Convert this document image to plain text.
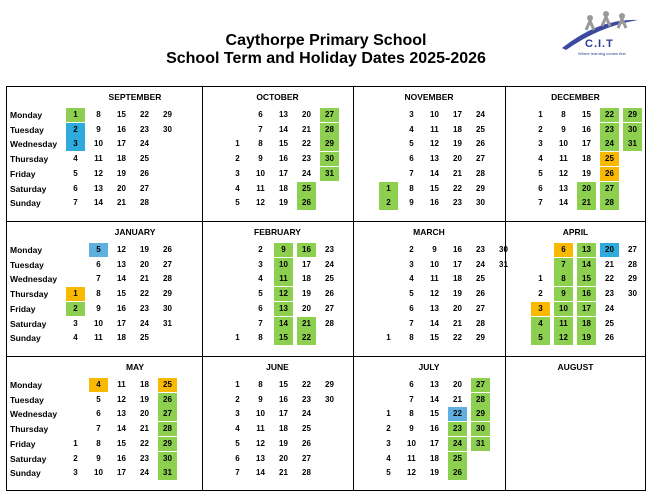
Caythorpe Primary School
School Term and Holiday Dates 2025-2026
C.I.T
Where learning comes first
SEPTEMBER
Monday
Tuesday
Wednesday
Thursday
Friday
Saturday
Sunday
1
2
3
4
5
6
7
8
9
10
11
12
13
14
15
16
17
18
19
20
21
22
23
24
25
26
27
28
29
30
OCTOBER
1
2
3
4
5
6
7
8
9
10
11
12
13
14
15
16
17
18
19
20
21
22
23
24
25
26
27
28
29
30
31
NOVEMBER
1
2
3
4
5
6
7
8
9
10
11
12
13
14
15
16
17
18
19
20
21
22
23
24
25
26
27
28
29
30
DECEMBER
1
2
3
4
5
6
7
8
9
10
11
12
13
14
15
16
17
18
19
20
21
22
23
24
25
26
27
28
29
30
31
JANUARY
Monday
Tuesday
Wednesday
Thursday
Friday
Saturday
Sunday
1
2
3
4
5
6
7
8
9
10
11
12
13
14
15
16
17
18
19
20
21
22
23
24
25
26
27
28
29
30
31
FEBRUARY
1
2
3
4
5
6
7
8
9
10
11
12
13
14
15
16
17
18
19
20
21
22
23
24
25
26
27
28
MARCH
1
2
3
4
5
6
7
8
9
10
11
12
13
14
15
16
17
18
19
20
21
22
23
24
25
26
27
28
29
30
31
APRIL
1
2
3
4
5
6
7
8
9
10
11
12
13
14
15
16
17
18
19
20
21
22
23
24
25
26
27
28
29
30
MAY
Monday
Tuesday
Wednesday
Thursday
Friday
Saturday
Sunday
1
2
3
4
5
6
7
8
9
10
11
12
13
14
15
16
17
18
19
20
21
22
23
24
25
26
27
28
29
30
31
JUNE
1
2
3
4
5
6
7
8
9
10
11
12
13
14
15
16
17
18
19
20
21
22
23
24
25
26
27
28
29
30
JULY
1
2
3
4
5
6
7
8
9
10
11
12
13
14
15
16
17
18
19
20
21
22
23
24
25
26
27
28
29
30
31
AUGUST
